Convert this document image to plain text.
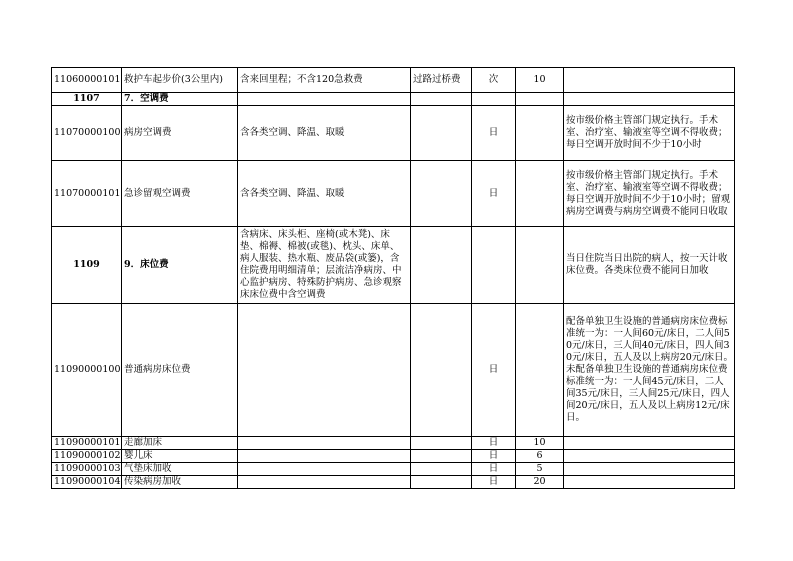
11060000101	救护车起步价(3公里内)	含来回里程；不含120急救费	过路过桥费	次	10	
1107	7．空调费					
11070000100	病房空调费	含各类空调、降温、取暖		日		按市级价格主管部门规定执行。手术室、治疗室、输液室等空调不得收费；每日空调开放时间不少于10小时
11070000101	急诊留观空调费	含各类空调、降温、取暖		日		按市级价格主管部门规定执行。手术室、治疗室、输液室等空调不得收费；每日空调开放时间不少于10小时；留观病房空调费与病房空调费不能同日收取
1109	9．床位费	含病床、床头柜、座椅(或木凳)、床垫、棉褥、棉被(或毯)、枕头、床单、病人服装、热水瓶、废品袋(或篓)，含住院费用明细清单；层流洁净病房、中心监护病房、特殊防护病房、急诊观察床床位费中含空调费				当日住院当日出院的病人，按一天计收床位费。各类床位费不能同日加收
11090000100	普通病房床位费			日		配备单独卫生设施的普通病房床位费标准统一为：一人间60元/床日，二人间50元/床日，三人间40元/床日，四人间30元/床日，五人及以上病房20元/床日。　　未配备单独卫生设施的普通病房床位费标准统一为：一人间45元/床日，二人间35元/床日，三人间25元/床日，四人间20元/床日，五人及以上病房12元/床日。
11090000101	走廊加床			日	10	
11090000102	婴儿床			日	6	
11090000103	气垫床加收			日	5	
11090000104	传染病房加收			日	20	
